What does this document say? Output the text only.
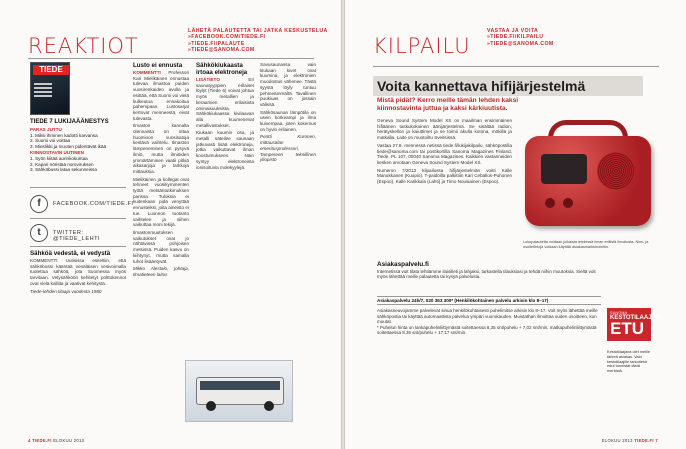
REAKTIOT
LÄHETÄ PALAUTETTA TAI JATKA KESKUSTELUA
»FACEBOOK.COM/TIEDE.FI
»TIEDE.FI/PALAUTE
»TIEDE@SANOMA.COM
TIEDE
TIEDE 7 LUKIJAÄÄNESTYS
PARAS JUTTU
1. Miksi ihminen kadotti karvansa
2. Suomi voi voittaa
3. Mieslikki ja muuten pidentävät ikää
KIINNOSTAVIN UUTINEN
1. Syön kiitää aurinkokuntaa
2. Kapari nöristää noroviruksen
3. Sähköbussi lataa sekunneissa
f	FACEBOOK.COM/TIEDE.FI
t	TWITTER: @TIEDE_LEHTI
Sähköä vedestä, ei vedystä

KOMMENTTI Uutisissa esiteltiin, että sähköbussi kääntää venäläisen vesivoimalla tuotettua sähköä, jota Suomessa myös tarvitaan. Vetysähköön kehitetyt polttokennot ovat vielä kalliita ja vaativat kehitystä.

Tiede-lehden tilaaja vuodesta 1980

Lusto ei ennusta

KOMMENTTI Professori Kari Mielikäinen ennustaa tulevaa ilmastoa puiden vuosirenkaiden avulla ja esittää, että Suomi voi vielä kulkeutua ennakoitua pahempaan. Lustosarjat kertovat menneestä, eivät tulevasta.

Ilmaston kannalta olennaista on ottaa huomioon vuosisatoja kestävä vaihtelu. Ilmaston lämpeneminen on pysyvä ilmiö, mutta ilmiöiden ymmärtäminen vaatii pitkiä aikasarjoja ja tarkkoja mittauksia.

Mielikäinen ja kollegat ovat tehneet vuosikymmenten työtä metsäntutkimuksen parissa. Tuloksia ei kuitenkaan pidä venyttää ennusteiksi, joita aineisto ei tue. Luonnon tuotanto vaihtelee ja siihen vaikuttaa moni tekijä.

Ilmastonmuutoksen vaikutukset ovat jo nähtävissä pohjoisen metsissä. Puiden kasvu on kiihtynyt, mutta samalla tuhot lisääntyvät.

Mikko Alestalo, johtaja, Ilmatieteen laitos

Sähkökiukaasta irtoaa elektroneja

LISÄTIETO	Eri saunatyyppien erilaiset löylyt (Tiede 6) voivat johtua myös metallien ja keraamien erilaisista ominaisuuksista. Sähkökiukaassa kivilaavan alla kuumenevat metallivastukset.

Kiukaan kuumin osa, ja metalli säteilee saunaan jatkuvasti lisää elektroneja, jotka vaikuttavat ilman koostumukseen. Näin syntyy elektroneista ionisoituvia molekyylejä.

Savusaunassa vain kiukaan kivet ovat kuumina, ja elektronien muodostus vähenee. Tästä syystä löyly tuntuu pehmeämmältä. Tavallinen puukiuas on jossain välissä.

Sähkösaunan lämpötila on usein korkeampi ja ilma kuivempaa, joten kokemus on hyvin erilainen.

Pentti Kuronen, mittausalan emeritusprofessori, Tampereen teknillinen yliopisto

4 TIEDE.FI ELOKUU 2013
KILPAILU
VASTAA JA VOITA
»TIEDE.FI/KILPAILU
»TIEDE@SANOMA.COM
Voita kannettava hifijärjestelmä
Mistä pidät? Kerro meille tämän lehden kaksi kiinnostavinta juttua ja kaksi kärkiuutista.

Geneva Sound System Model XS on maailman ensimmäinen hifiäänen taskukokoinen äänijärjestelmä. Se sisältää radion, herätyskellon ja kaiuttimet ja se toimii akulla kotona, mökillä ja matkalla. Laite on muotoiltu Sveitsissä.

Vastaa 27.8. mennessä netissä tiede.fi/lukijakilpailu, sähköpostilla tiede@sanoma.com tai postikortilla Sanoma Magazines Finland, Tiede, PL 107, 00040 Sanoma Magazines. Kaikkien vastanneiden kesken arvotaan Geneva Sound System Model XS.

Numeron 7/2013 kilpailussa hifijärjestelmän voitti Kalle Manukkanen (Kuopio). T-paidoilla palkittiin Kari Ceballos-Puhonen (Espoo), Kalle Karikkala (Lahti) ja Timo Nousiainen (Espoo).

Lukupalautetta voidaan julkaista lehdessä ilman erillistä ilmoitusta. Nimi- ja osoitetietoja voidaan käyttää asiakasmarkkinointiin.
Asiakaspalvelu.fi
Internetissä voit tilata lehtiämme ilaisilleti ja lahjaksi, tarkastella tilauksiasi ja tehdä niihin muutoksia. Sieltä voit myös lähettää meille palautetta tai kysyä palvelusta.
Asiakaspalvelu 24h/7, 020 363 300* (Henkilökohtainen palvelu arkisin klo 8–17)

Asiakasneuvojamme palvelevat sinua henkilökohtaisesti puhelimitse arkisin klo 8–17. Voit myös lähettää meille sähköpostia tai käyttää automaattista palvelua ympäri vuorokauden. Muistathan ilmoittaa uuden osoitteen, kun muutat.

* Puhelun hinta on lankapuhelinliittymästä soitettaessa 8,35 snt/puhelu + 7,02 snt/min, matkapuhelinliittymästä soitettaessa 8,35 snt/puhelu + 17,17 snt/min.

SANOMA
KESTOTILAAJAN
ETU
Kestotilaajana olet meille tärkeä asiakas. Vain kestotilaajille tarkoitetut edut tunnistat tästä merkistä.
ELOKUU 2013 TIEDE.FI 7
